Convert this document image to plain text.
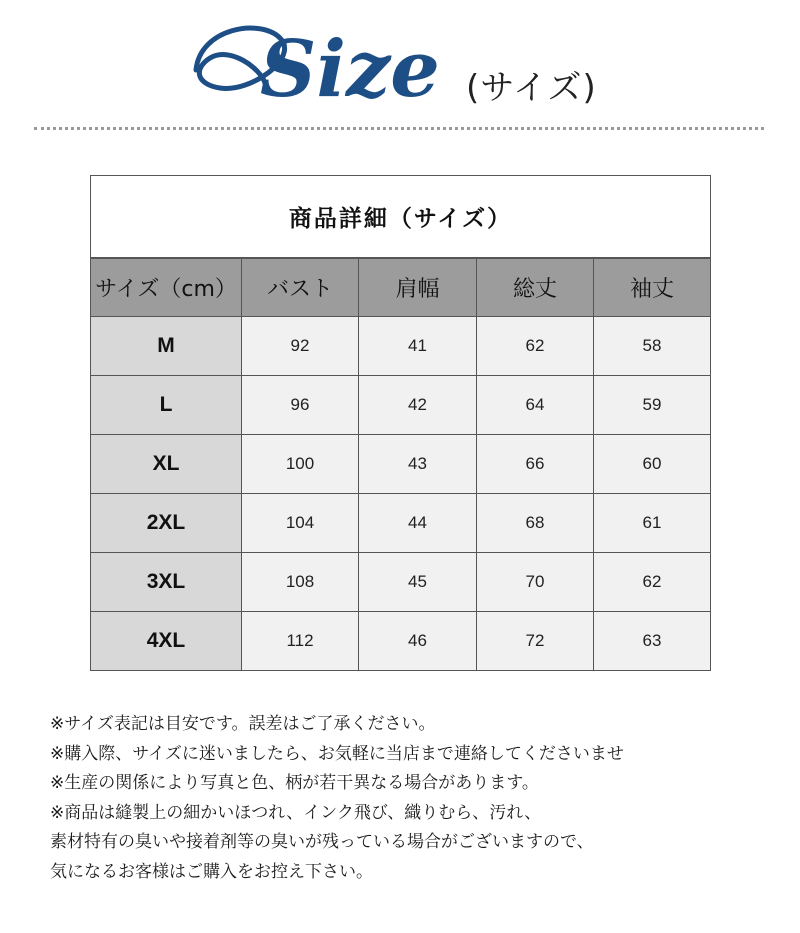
Size (サイズ)
商品詳細（サイズ）				
サイズ（cm）	バスト	肩幅	総丈	袖丈
M	92	41	62	58
L	96	42	64	59
XL	100	43	66	60
2XL	104	44	68	61
3XL	108	45	70	62
4XL	112	46	72	63
※サイズ表記は目安です。誤差はご了承ください。
※購入際、サイズに迷いましたら、お気軽に当店まで連絡してくださいませ
※生産の関係により写真と色、柄が若干異なる場合があります。
※商品は縫製上の細かいほつれ、インク飛び、織りむら、汚れ、
素材特有の臭いや接着剤等の臭いが残っている場合がございますので、
気になるお客様はご購入をお控え下さい。
